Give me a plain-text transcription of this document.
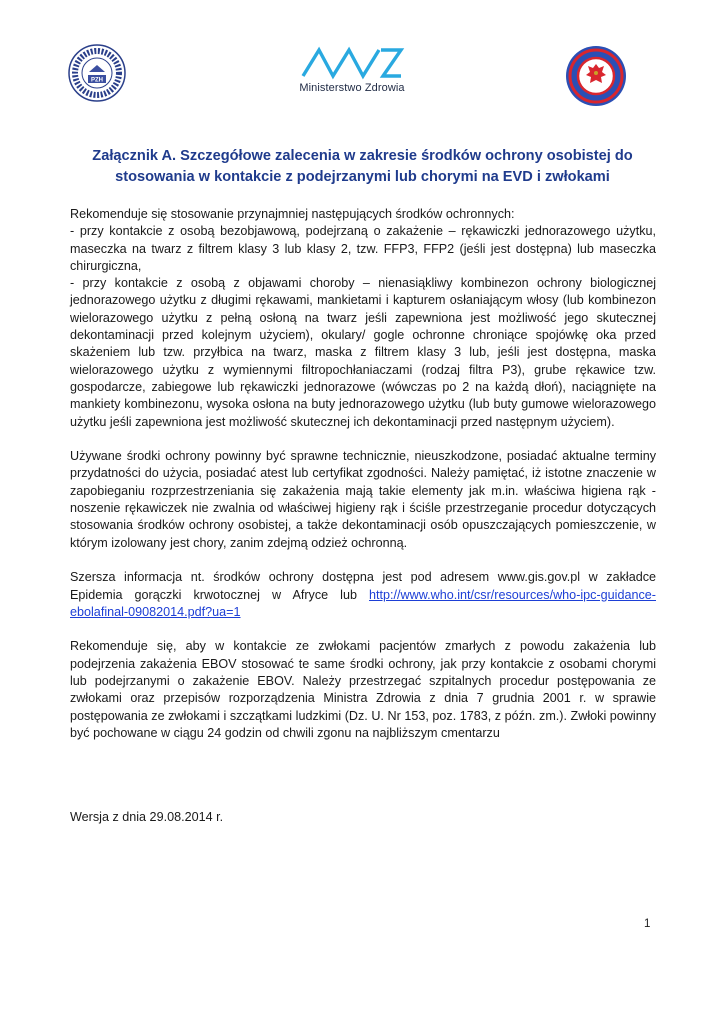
PZH
Ministerstwo Zdrowia
Załącznik A. Szczegółowe zalecenia w zakresie środków ochrony osobistej do
stosowania w kontakcie z podejrzanymi lub chorymi na EVD i zwłokami

Rekomenduje się stosowanie przynajmniej następujących środków ochronnych:

- przy kontakcie z osobą bezobjawową, podejrzaną o zakażenie – rękawiczki jednorazowego użytku, maseczka na twarz z filtrem klasy 3 lub klasy 2, tzw. FFP3, FFP2 (jeśli jest dostępna) lub maseczka chirurgiczna,

- przy kontakcie z osobą z objawami choroby – nienasiąkliwy kombinezon ochrony biologicznej jednorazowego użytku z długimi rękawami, mankietami i kapturem osłaniającym włosy (lub kombinezon wielorazowego użytku z pełną osłoną na twarz jeśli zapewniona jest możliwość jego skutecznej dekontaminacji przed kolejnym użyciem), okulary/ gogle ochronne chroniące spojówkę oka przed skażeniem lub tzw. przyłbica na twarz, maska z filtrem klasy 3 lub, jeśli jest dostępna, maska wielorazowego użytku z wymiennymi filtropochłaniaczami (rodzaj filtra P3), grube rękawice tzw. gospodarcze, zabiegowe lub rękawiczki jednorazowe (wówczas po 2 na każdą dłoń), naciągnięte na mankiety kombinezonu, wysoka osłona na buty jednorazowego użytku (lub buty gumowe wielorazowego użytku jeśli zapewniona jest możliwość skutecznej ich dekontaminacji przed następnym użyciem).

Używane środki ochrony powinny być sprawne technicznie, nieuszkodzone, posiadać aktualne terminy przydatności do użycia, posiadać atest lub certyfikat zgodności. Należy pamiętać, iż istotne znaczenie w zapobieganiu rozprzestrzeniania się zakażenia mają takie elementy jak m.in. właściwa higiena rąk - noszenie rękawiczek nie zwalnia od właściwej higieny rąk i ściśle przestrzeganie procedur dotyczących stosowania środków ochrony osobistej, a także dekontaminacji osób opuszczających pomieszczenie, w którym izolowany jest chory, zanim zdejmą odzież ochronną.

Szersza informacja nt. środków ochrony dostępna jest pod adresem www.gis.gov.pl w zakładce Epidemia gorączki krwotocznej w Afryce lub http://www.who.int/csr/resources/who-ipc-guidance-ebolafinal-09082014.pdf?ua=1

Rekomenduje się, aby w kontakcie ze zwłokami pacjentów zmarłych z powodu zakażenia lub podejrzenia zakażenia EBOV stosować te same środki ochrony, jak przy kontakcie z osobami chorymi lub podejrzanymi o zakażenie EBOV. Należy przestrzegać szpitalnych procedur postępowania ze zwłokami oraz przepisów rozporządzenia Ministra Zdrowia z dnia 7 grudnia 2001 r. w sprawie postępowania ze zwłokami i szczątkami ludzkimi (Dz. U. Nr 153, poz. 1783, z późn. zm.). Zwłoki powinny być pochowane w ciągu 24 godzin od chwili zgonu na najbliższym cmentarzu

Wersja z dnia 29.08.2014 r.
1
